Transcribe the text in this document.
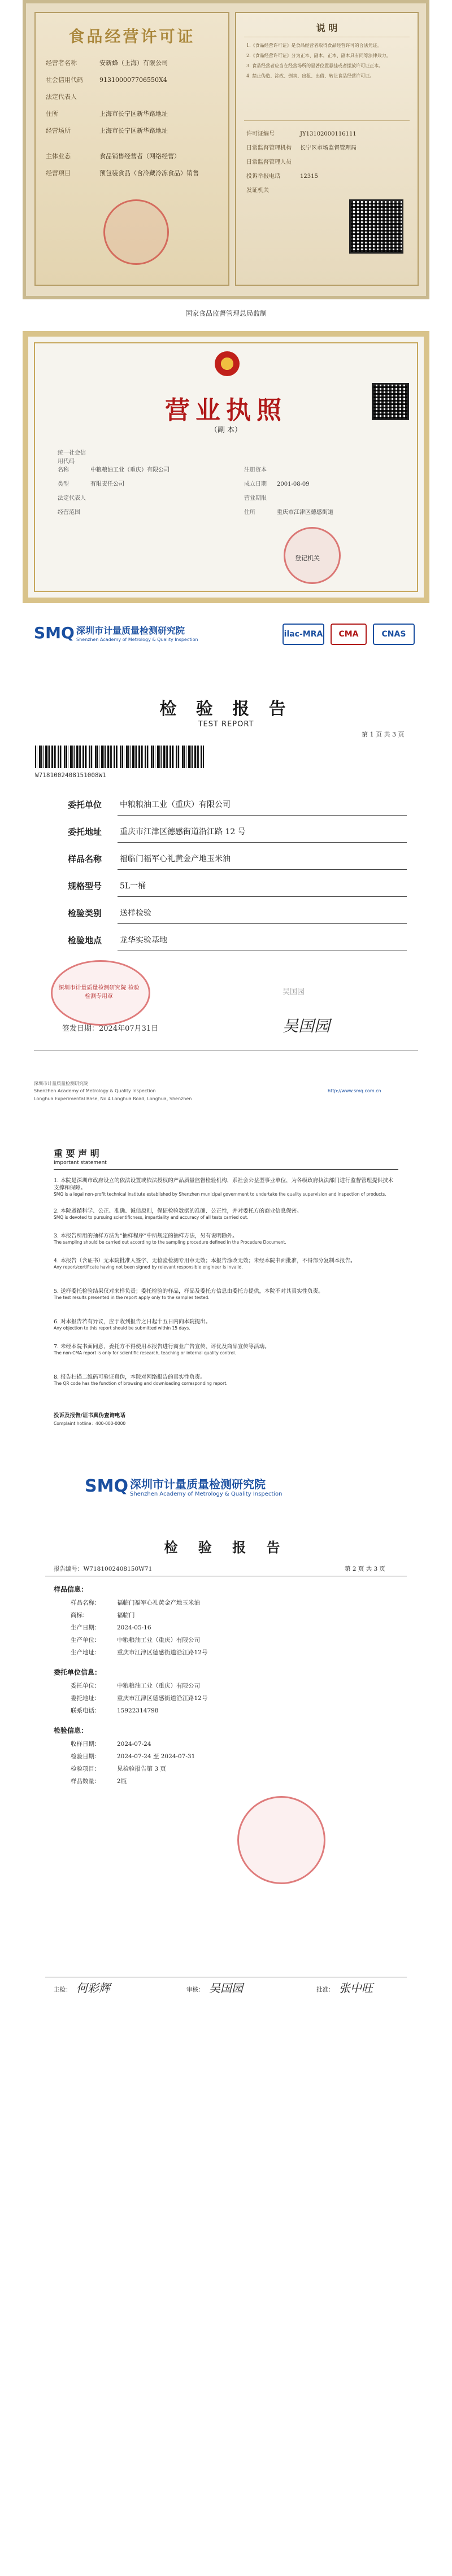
食品经营许可证
经营者名称	安新蜂（上海）有限公司
社会信用代码	913100007706550X4
法定代表人
住所	上海市长宁区新华路地址
经营场所	上海市长宁区新华路地址
主体业态	食品销售经营者（网络经营）
经营项目	预包装食品（含冷藏冷冻食品）销售
说 明
1.《食品经营许可证》是食品经营者取得食品经营许可的合法凭证。
2.《食品经营许可证》分为正本、副本，正本、副本具有同等法律效力。
3. 食品经营者应当在经营场所的显著位置悬挂或者摆放许可证正本。
4. 禁止伪造、涂改、倒卖、出租、出借、转让食品经营许可证。
许可证编号	JY13102000116111
日常监督管理机构 长宁区市场监督管理局
日常监督管理人员
投诉举报电话	12315
发证机关
国家食品监督管理总局监制
营业执照
（副 本）
统一社会信用代码
名称	中粮粮油工业（重庆）有限公司
类型	有限责任公司
法定代表人
经营范围
注册资本
成立日期 2001-08-09
营业期限
住所	重庆市江津区德感街道
登记机关
SMQ 深圳市计量质量检测研究院
Shenzhen Academy of Metrology & Quality Inspection
ilac-MRA	CMA	CNAS
检 验 报 告
TEST REPORT
第 1 页 共 3 页
W7181002408151008W1
委托单位 中粮粮油工业（重庆）有限公司
委托地址 重庆市江津区德感街道沿江路 12 号
样品名称 福临门福军心礼黄金产地玉米油
规格型号 5L一桶
检验类别 送样检验
检验地点 龙华实验基地
深圳市计量质量检测研究院 检验检测专用章
签发日期：2024年07月31日
吴国园
吴国园
深圳市计量质量检测研究院
Shenzhen Academy of Metrology & Quality Inspection
Longhua Experimental Base, No.4 Longhua Road, Longhua, Shenzhen
http://www.smq.com.cn
重 要 声 明
Important statement
1. 本院是深圳市政府设立的依法设置或依法授权的产品质量监督检验机构，系社会公益型事业单位，为各级政府执法部门进行监督管理提供技术支撑和保障。
SMQ is a legal non-profit technical institute established by Shenzhen municipal government to undertake the quality supervision and inspection of products.
2. 本院遵循科学、公正、准确、诚信原则，保证检验数据的准确、公正性，并对委托方的商业信息保密。
SMQ is devoted to pursuing scientificness, impartiality and accuracy of all tests carried out.
3. 本报告所用的抽样方法为“抽样程序”中所规定的抽样方法，另有说明除外。
The sampling should be carried out according to the sampling procedure defined in the Procedure Document.
4. 本报告（含证书）无本院批准人签字、无检验检测专用章无效；本报告涂改无效；未经本院书面批准，不得部分复制本报告。
Any report/certificate having not been signed by relevant responsible engineer is invalid.
5. 送样委托检验结果仅对来样负责；委托检验的样品，样品及委托方信息由委托方提供，本院不对其真实性负责。
The test results presented in the report apply only to the samples tested.
6. 对本报告若有异议，应于收到报告之日起十五日内向本院提出。
Any objection to this report should be submitted within 15 days.
7. 未经本院书面同意，委托方不得使用本报告进行商业广告宣传、评优及商品宣传等活动。
The non-CMA report is only for scientific research, teaching or internal quality control.
8. 报告扫描二维码可验证真伪，本院对网络报告的真实性负责。
The QR code has the function of browsing and downloading corresponding report.
投诉及报告/证书真伪查询电话
Complaint hotline：400-000-0000
SMQ 深圳市计量质量检测研究院
Shenzhen Academy of Metrology & Quality Inspection
检 验 报 告
报告编号：W7181002408150W71	第 2 页 共 3 页
样品信息：
样品名称：	福临门福军心礼黄金产地玉米油
商标：	福临门
生产日期：	2024-05-16
生产单位：	中粮粮油工业（重庆）有限公司
生产地址：	重庆市江津区德感街道沿江路12号
委托单位信息：
委托单位：	中粮粮油工业（重庆）有限公司
委托地址：	重庆市江津区德感街道沿江路12号
联系电话：	15922314798
检验信息：
收样日期：	2024-07-24
检验日期：	2024-07-24 至 2024-07-31
检验项目：	见检验报告第 3 页
样品数量：	2瓶
主检： 何彩辉	审核： 吴国园	批准： 张中旺
